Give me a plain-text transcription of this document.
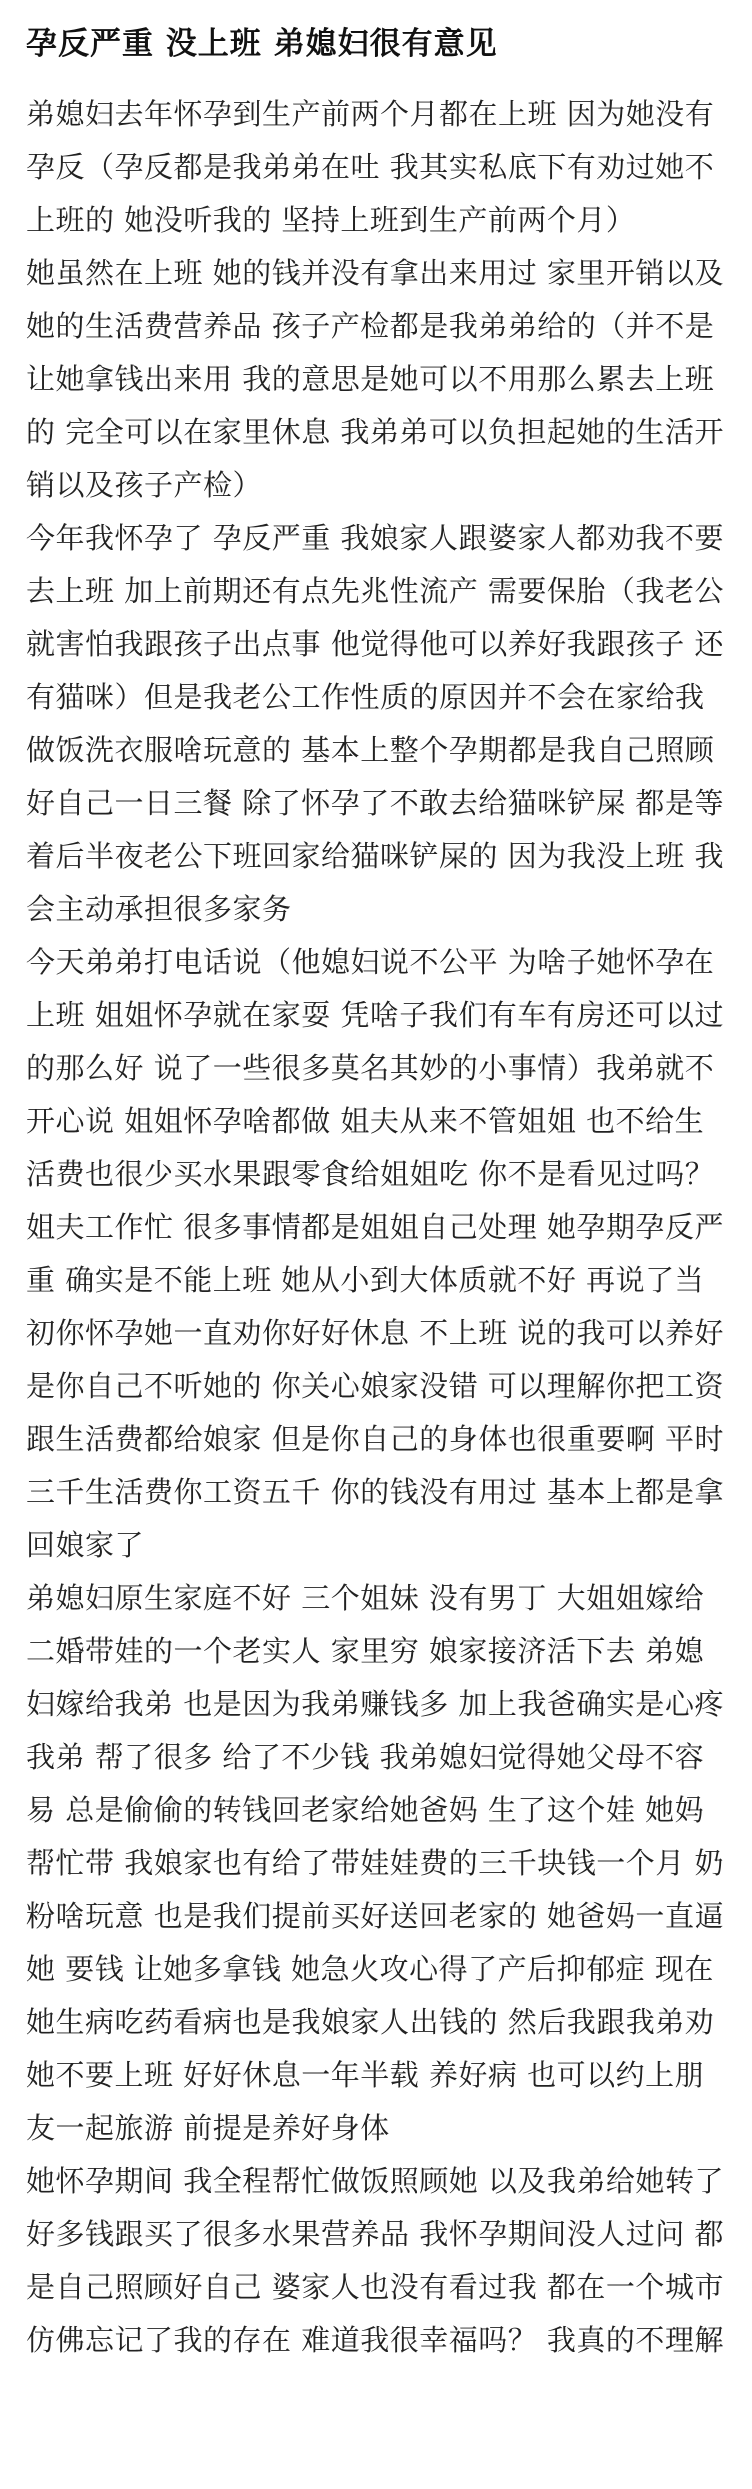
孕反严重 没上班 弟媳妇很有意见

弟媳妇去年怀孕到生产前两个月都在上班 因为她没有孕反（孕反都是我弟弟在吐 我其实私底下有劝过她不上班的 她没听我的 坚持上班到生产前两个月）

她虽然在上班 她的钱并没有拿出来用过 家里开销以及她的生活费营养品 孩子产检都是我弟弟给的（并不是让她拿钱出来用 我的意思是她可以不用那么累去上班的 完全可以在家里休息 我弟弟可以负担起她的生活开销以及孩子产检）

今年我怀孕了 孕反严重 我娘家人跟婆家人都劝我不要去上班 加上前期还有点先兆性流产 需要保胎（我老公就害怕我跟孩子出点事 他觉得他可以养好我跟孩子 还有猫咪）但是我老公工作性质的原因并不会在家给我做饭洗衣服啥玩意的 基本上整个孕期都是我自己照顾好自己一日三餐 除了怀孕了不敢去给猫咪铲屎 都是等着后半夜老公下班回家给猫咪铲屎的 因为我没上班 我会主动承担很多家务

今天弟弟打电话说（他媳妇说不公平 为啥子她怀孕在上班 姐姐怀孕就在家耍 凭啥子我们有车有房还可以过的那么好 说了一些很多莫名其妙的小事情）我弟就不开心说 姐姐怀孕啥都做 姐夫从来不管姐姐 也不给生活费也很少买水果跟零食给姐姐吃 你不是看见过吗？姐夫工作忙 很多事情都是姐姐自己处理 她孕期孕反严重 确实是不能上班 她从小到大体质就不好 再说了当初你怀孕她一直劝你好好休息 不上班 说的我可以养好 是你自己不听她的 你关心娘家没错 可以理解你把工资跟生活费都给娘家 但是你自己的身体也很重要啊 平时三千生活费你工资五千 你的钱没有用过 基本上都是拿回娘家了

弟媳妇原生家庭不好 三个姐妹 没有男丁 大姐姐嫁给二婚带娃的一个老实人 家里穷 娘家接济活下去 弟媳妇嫁给我弟 也是因为我弟赚钱多 加上我爸确实是心疼我弟 帮了很多 给了不少钱 我弟媳妇觉得她父母不容易 总是偷偷的转钱回老家给她爸妈 生了这个娃 她妈帮忙带 我娘家也有给了带娃娃费的三千块钱一个月 奶粉啥玩意 也是我们提前买好送回老家的 她爸妈一直逼她 要钱 让她多拿钱 她急火攻心得了产后抑郁症 现在她生病吃药看病也是我娘家人出钱的 然后我跟我弟劝她不要上班 好好休息一年半载 养好病 也可以约上朋友一起旅游 前提是养好身体

她怀孕期间 我全程帮忙做饭照顾她 以及我弟给她转了好多钱跟买了很多水果营养品 我怀孕期间没人过问 都是自己照顾好自己 婆家人也没有看过我 都在一个城市 仿佛忘记了我的存在 难道我很幸福吗？ 我真的不理解
